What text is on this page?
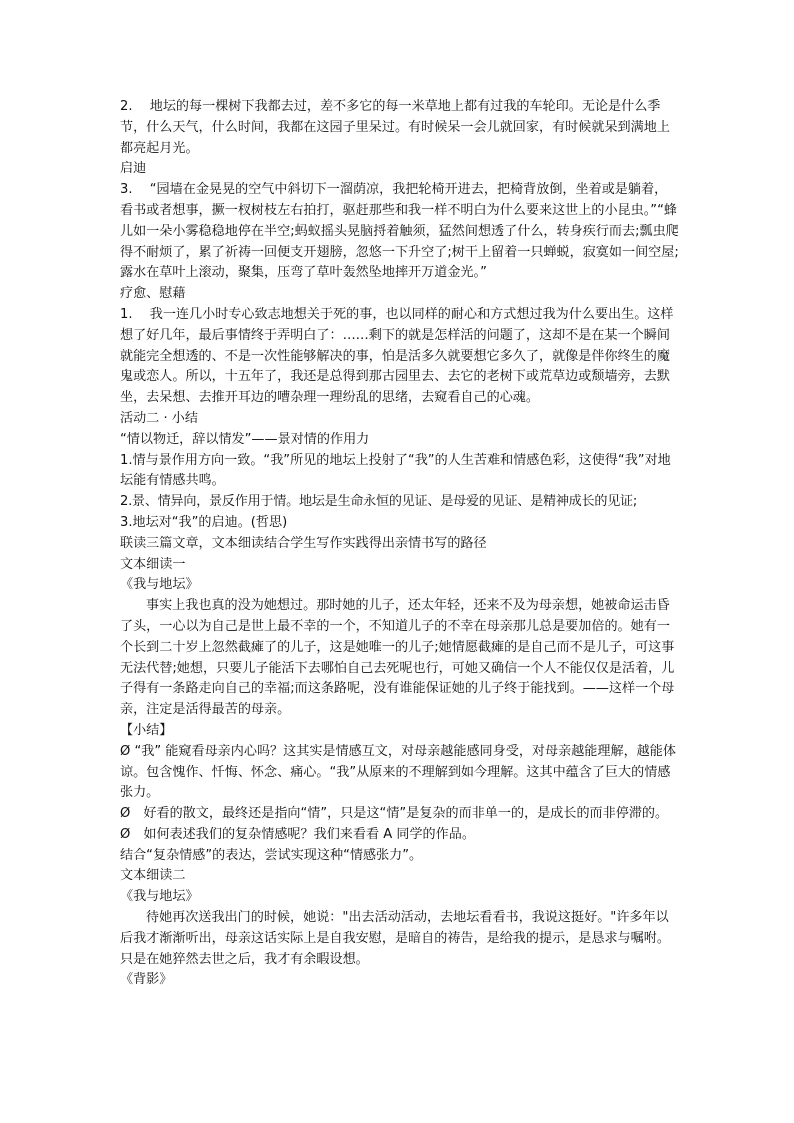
2.　 地坛的每一棵树下我都去过，差不多它的每一米草地上都有过我的车轮印。无论是什么季节，什么天气，什么时间，我都在这园子里呆过。有时候呆一会儿就回家，有时候就呆到满地上都亮起月光。

启迪

3.　 “园墙在金晃晃的空气中斜切下一溜荫凉，我把轮椅开进去，把椅背放倒，坐着或是躺着，看书或者想事，撅一杈树枝左右拍打，驱赶那些和我一样不明白为什么要来这世上的小昆虫。”“蜂儿如一朵小雾稳稳地停在半空;蚂蚁摇头晃脑捋着触须，猛然间想透了什么，转身疾行而去;瓢虫爬得不耐烦了，累了祈祷一回便支开翅膀，忽悠一下升空了;树干上留着一只蝉蜕，寂寞如一间空屋;露水在草叶上滚动，聚集，压弯了草叶轰然坠地摔开万道金光。”

疗愈、慰藉

1.　 我一连几小时专心致志地想关于死的事，也以同样的耐心和方式想过我为什么要出生。这样想了好几年，最后事情终于弄明白了：……剩下的就是怎样活的问题了，这却不是在某一个瞬间就能完全想透的、不是一次性能够解决的事，怕是活多久就要想它多久了，就像是伴你终生的魔鬼或恋人。所以，十五年了，我还是总得到那古园里去、去它的老树下或荒草边或颓墙旁，去默坐，去呆想、去推开耳边的嘈杂理一理纷乱的思绪，去窥看自己的心魂。

活动二 · 小结

“情以物迁，辞以情发”——景对情的作用力

1.情与景作用方向一致。“我”所见的地坛上投射了“我”的人生苦难和情感色彩，这使得“我”对地坛能有情感共鸣。

2.景、情异向，景反作用于情。地坛是生命永恒的见证、是母爱的见证、是精神成长的见证;

3.地坛对“我”的启迪。(哲思)

联读三篇文章，文本细读结合学生写作实践得出亲情书写的路径

文本细读一

《我与地坛》

事实上我也真的没为她想过。那时她的儿子，还太年轻，还来不及为母亲想，她被命运击昏了头，一心以为自己是世上最不幸的一个，不知道儿子的不幸在母亲那儿总是要加倍的。她有一个长到二十岁上忽然截瘫了的儿子，这是她唯一的儿子;她情愿截瘫的是自己而不是儿子，可这事无法代替;她想，只要儿子能活下去哪怕自己去死呢也行，可她又确信一个人不能仅仅是活着，儿子得有一条路走向自己的幸福;而这条路呢，没有谁能保证她的儿子终于能找到。——这样一个母亲，注定是活得最苦的母亲。

【小结】

Ø “我” 能窥看母亲内心吗？这其实是情感互文，对母亲越能感同身受，对母亲越能理解，越能体谅。包含愧作、忏悔、怀念、痛心。“我”从原来的不理解到如今理解。这其中蕴含了巨大的情感张力。

Ø　好看的散文，最终还是指向“情”，只是这“情”是复杂的而非单一的，是成长的而非停滞的。

Ø　如何表述我们的复杂情感呢？我们来看看 A 同学的作品。

结合“复杂情感”的表达，尝试实现这种“情感张力”。

文本细读二

《我与地坛》

待她再次送我出门的时候，她说："出去活动活动，去地坛看看书，我说这挺好。"许多年以后我才渐渐听出，母亲这话实际上是自我安慰，是暗自的祷告，是给我的提示，是恳求与嘱咐。只是在她猝然去世之后，我才有余暇设想。

《背影》
